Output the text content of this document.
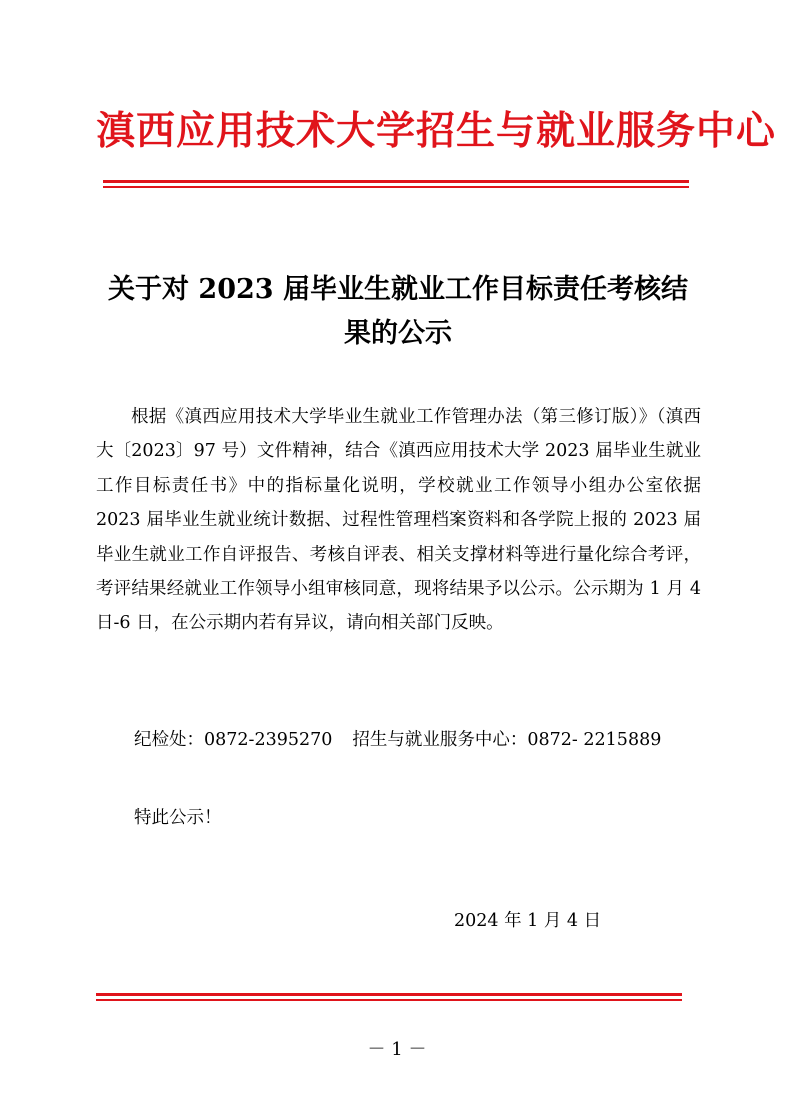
滇西应用技术大学招生与就业服务中心
关于对 2023 届毕业生就业工作目标责任考核结
果的公示

根据《滇西应用技术大学毕业生就业工作管理办法（第三修订版）》（滇西大〔2023〕97 号）文件精神，结合《滇西应用技术大学 2023 届毕业生就业工作目标责任书》中的指标量化说明，学校就业工作领导小组办公室依据 2023 届毕业生就业统计数据、过程性管理档案资料和各学院上报的 2023 届毕业生就业工作自评报告、考核自评表、相关支撑材料等进行量化综合考评，考评结果经就业工作领导小组审核同意，现将结果予以公示。公示期为 1 月 4 日-6 日，在公示期内若有异议，请向相关部门反映。

纪检处：0872-2395270 招生与就业服务中心：0872- 2215889
特此公示！
2024 年 1 月 4 日
－ 1 －
